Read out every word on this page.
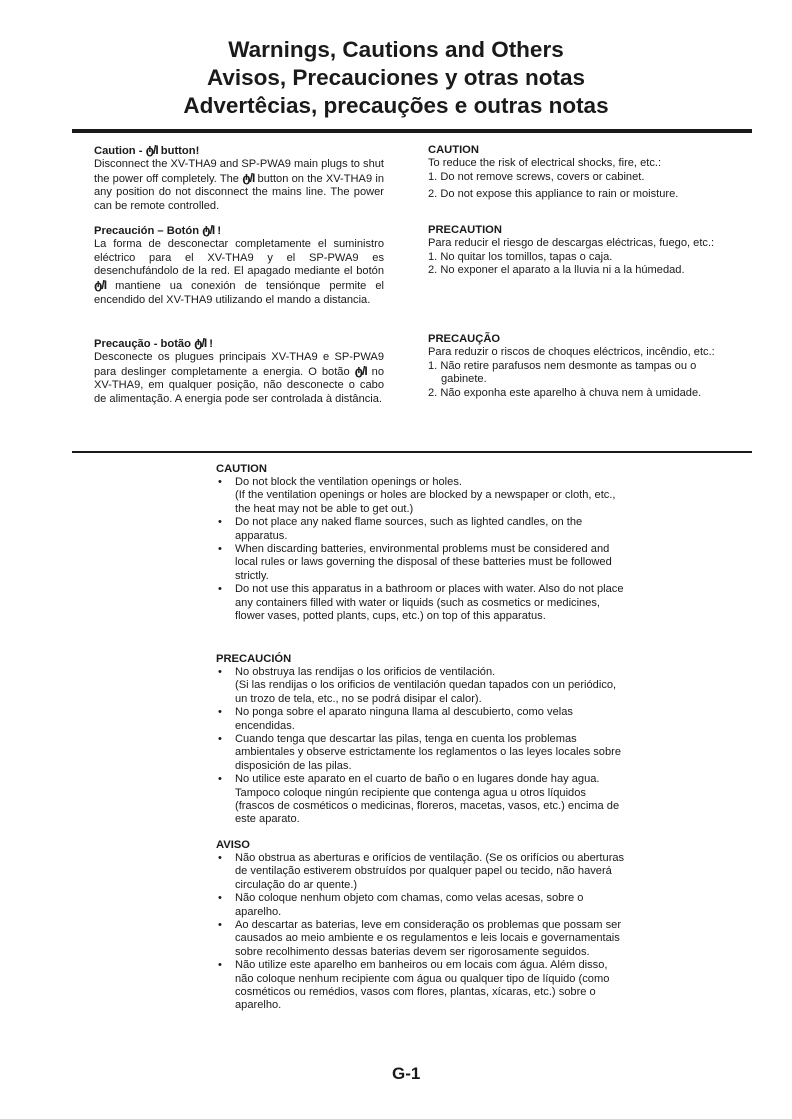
Warnings, Cautions and Others
Avisos, Precauciones y otras notas
Advertêcias, precauções e outras notas
Caution - ტ/I button!

Disconnect the XV-THA9 and SP-PWA9 main plugs to shut the power off completely. The ტ/I button on the XV-THA9 in any position do not disconnect the mains line. The power can be remote controlled.

Precaución – Botón ტ/I !

La forma de desconectar completamente el suministro eléctrico para el XV-THA9 y el SP-PWA9 es desenchufándolo de la red. El apagado mediante el botón ტ/I mantiene ua conexión de tensiónque permite el encendido del XV-THA9 utilizando el mando a distancia.

Precaução - botão ტ/I !

Desconecte os plugues principais XV-THA9 e SP-PWA9 para deslinger completamente a energia. O botão ტ/I no XV-THA9, em qualquer posição, não desconecte o cabo de alimentação. A energia pode ser controlada à distância.

CAUTION

To reduce the risk of electrical shocks, fire, etc.:

1. Do not remove screws, covers or cabinet.
2. Do not expose this appliance to rain or moisture.
PRECAUTION

Para reducir el riesgo de descargas eléctricas, fuego, etc.:

1. No quitar los tomillos, tapas o caja.
2. No exponer el aparato a la lluvia ni a la húmedad.
PRECAUÇÃO

Para reduzir o riscos de choques eléctricos, incêndio, etc.:

1. Não retire parafusos nem desmonte as tampas ou o gabinete.
2. Não exponha este aparelho à chuva nem à umidade.
CAUTION
• Do not block the ventilation openings or holes.
(If the ventilation openings or holes are blocked by a newspaper or cloth, etc., the heat may not be able to get out.)
• Do not place any naked flame sources, such as lighted candles, on the apparatus.
• When discarding batteries, environmental problems must be considered and local rules or laws governing the disposal of these batteries must be followed strictly.
• Do not use this apparatus in a bathroom or places with water. Also do not place any containers filled with water or liquids (such as cosmetics or medicines, flower vases, potted plants, cups, etc.) on top of this apparatus.
PRECAUCIÓN
• No obstruya las rendijas o los orificios de ventilación.
(Si las rendijas o los orificios de ventilación quedan tapados con un periódico, un trozo de tela, etc., no se podrá disipar el calor).
• No ponga sobre el aparato ninguna llama al descubierto, como velas encendidas.
• Cuando tenga que descartar las pilas, tenga en cuenta los problemas ambientales y observe estrictamente los reglamentos o las leyes locales sobre disposición de las pilas.
• No utilice este aparato en el cuarto de baño o en lugares donde hay agua. Tampoco coloque ningún recipiente que contenga agua u otros líquidos (frascos de cosméticos o medicinas, floreros, macetas, vasos, etc.) encima de este aparato.
AVISO
• Não obstrua as aberturas e orifícios de ventilação. (Se os orifícios ou aberturas de ventilação estiverem obstruídos por qualquer papel ou tecido, não haverá circulação do ar quente.)
• Não coloque nenhum objeto com chamas, como velas acesas, sobre o aparelho.
• Ao descartar as baterias, leve em consideração os problemas que possam ser causados ao meio ambiente e os regulamentos e leis locais e governamentais sobre recolhimento dessas baterias devem ser rigorosamente seguidos.
• Não utilize este aparelho em banheiros ou em locais com água. Além disso, não coloque nenhum recipiente com água ou qualquer tipo de líquido (como cosméticos ou remédios, vasos com flores, plantas, xícaras, etc.) sobre o aparelho.
G-1
